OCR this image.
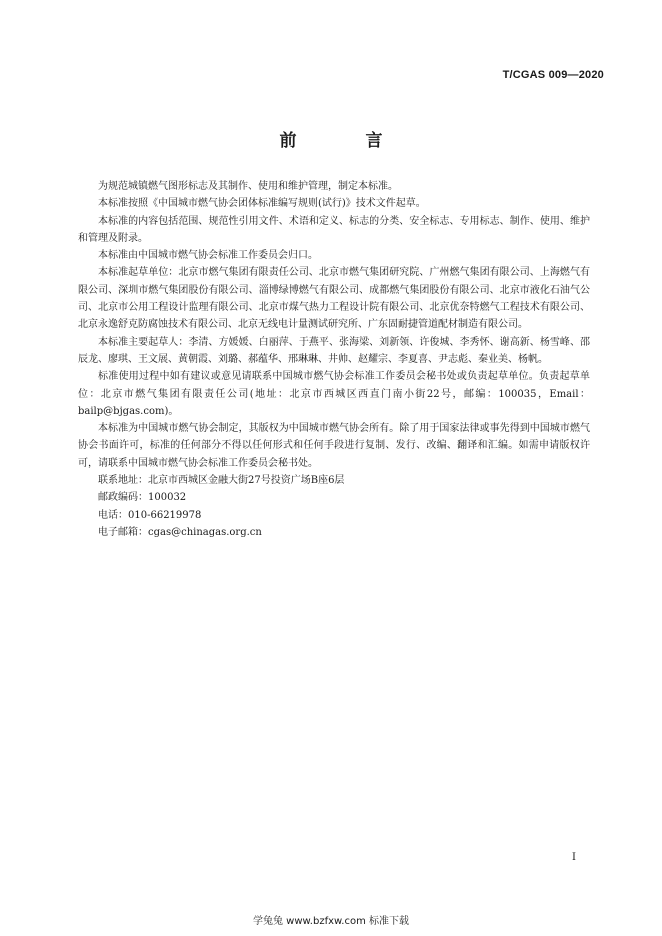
T/CGAS 009—2020
前　言

为规范城镇燃气图形标志及其制作、使用和维护管理，制定本标准。

本标准按照《中国城市燃气协会团体标准编写规则(试行)》技术文件起草。

本标准的内容包括范围、规范性引用文件、术语和定义、标志的分类、安全标志、专用标志、制作、使用、维护和管理及附录。

本标准由中国城市燃气协会标准工作委员会归口。

本标准起草单位：北京市燃气集团有限责任公司、北京市燃气集团研究院、广州燃气集团有限公司、上海燃气有限公司、深圳市燃气集团股份有限公司、淄博绿博燃气有限公司、成都燃气集团股份有限公司、北京市液化石油气公司、北京市公用工程设计监理有限公司、北京市煤气热力工程设计院有限公司、北京优奈特燃气工程技术有限公司、北京永逸舒克防腐蚀技术有限公司、北京无线电计量测试研究所、广东固耐捷管道配材制造有限公司。

本标准主要起草人：李清、方媛媛、白丽萍、于燕平、张海梁、刘新领、许俊城、李秀怀、谢高新、杨雪峰、邵辰龙、廖琪、王文展、黄朝霞、刘璐、郝蕴华、邢琳琳、井帅、赵耀宗、李夏喜、尹志彪、秦业美、杨帆。

标准使用过程中如有建议或意见请联系中国城市燃气协会标准工作委员会秘书处或负责起草单位。负责起草单位：北京市燃气集团有限责任公司(地址：北京市西城区西直门南小街22号，邮编：100035，Email：bailp@bjgas.com)。

本标准为中国城市燃气协会制定，其版权为中国城市燃气协会所有。除了用于国家法律或事先得到中国城市燃气协会书面许可，标准的任何部分不得以任何形式和任何手段进行复制、发行、改编、翻译和汇编。如需申请版权许可，请联系中国城市燃气协会标准工作委员会秘书处。

联系地址：北京市西城区金融大街27号投资广场B座6层

邮政编码：100032

电话：010-66219978

电子邮箱：cgas@chinagas.org.cn

I
学兔兔 www.bzfxw.com 标准下载
